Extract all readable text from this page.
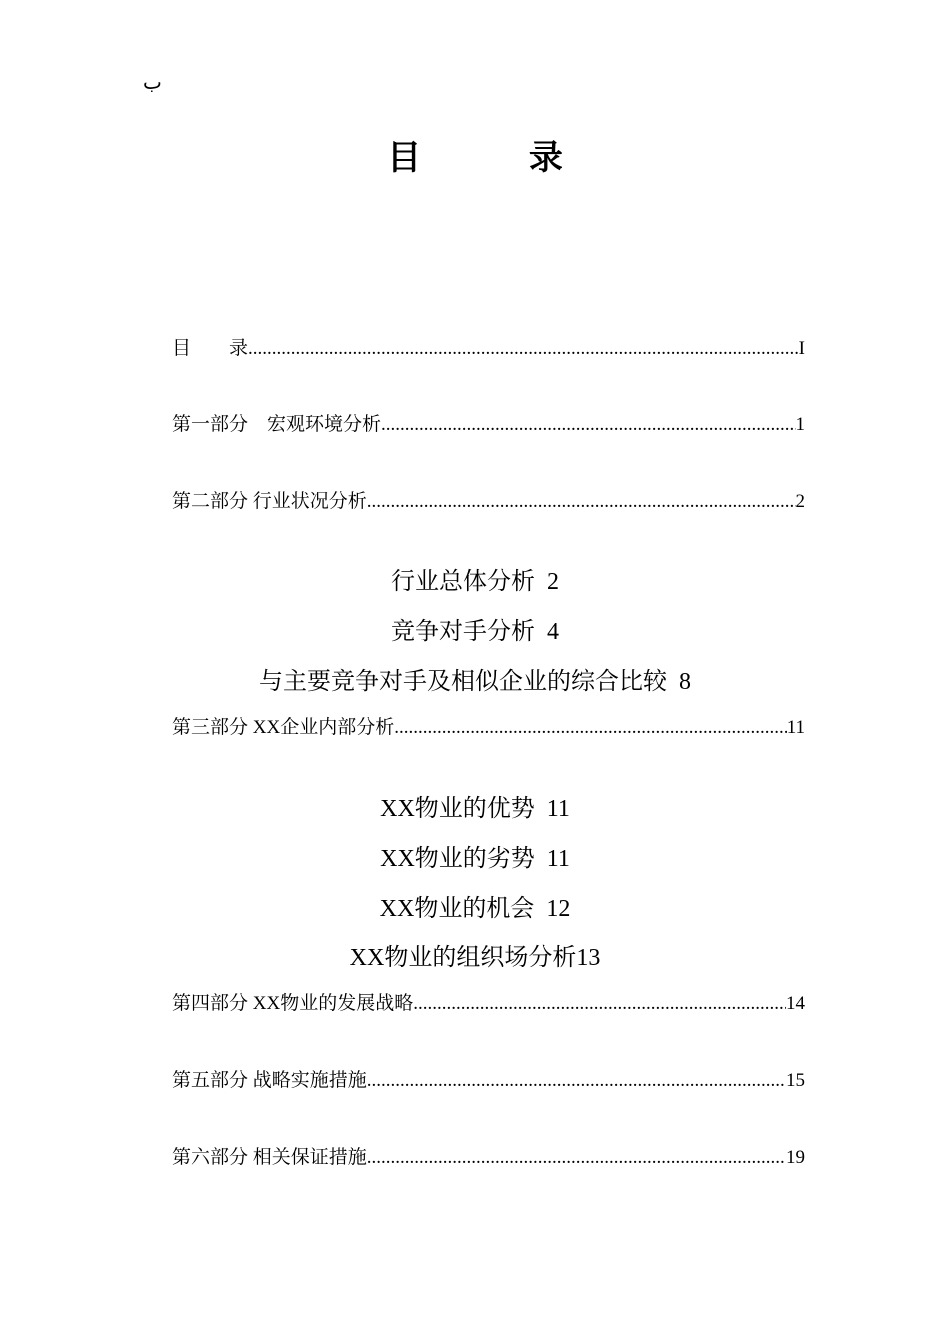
ب
目 录
目　　录 .....	I
第一部分　宏观环境分析 .....	1
第二部分 行业状况分析 .....	2
行业总体分析 2
竞争对手分析 4
与主要竞争对手及相似企业的综合比较 8
第三部分 XX企业内部分析 .....	11
XX物业的优势 11
XX物业的劣势 11
XX物业的机会 12
XX物业的组织场分析13
第四部分 XX物业的发展战略 .....	14
第五部分 战略实施措施 .....	15
第六部分 相关保证措施 .....	19
